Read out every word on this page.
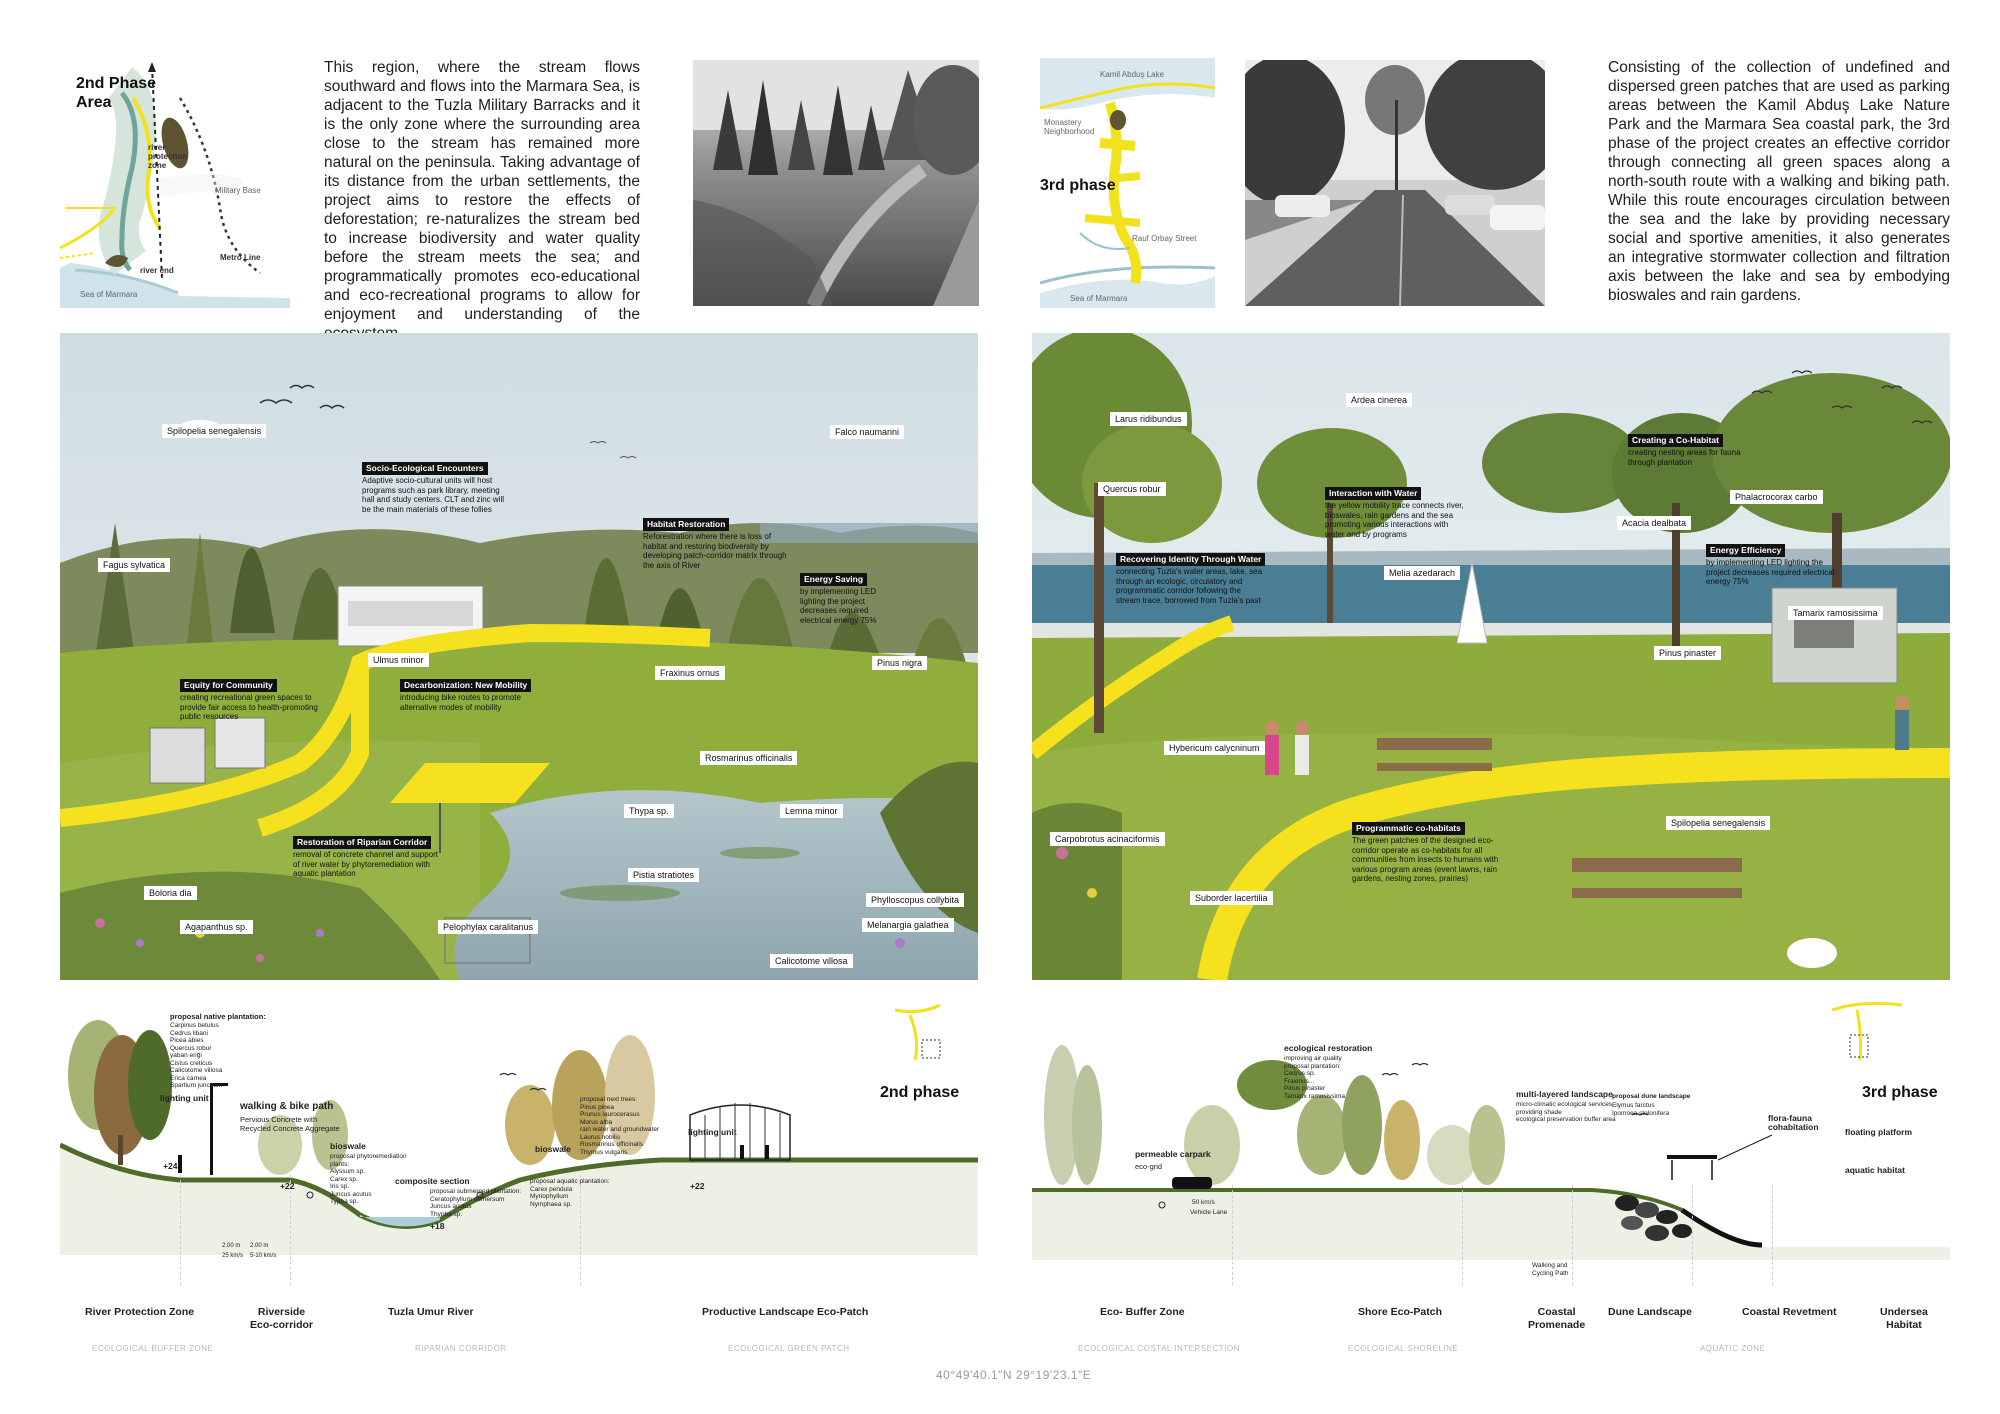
2nd Phase
Area
river
protection
zone
Military Base
Metro Line
river end
Sea of Marmara
This region, where the stream flows southward and flows into the Marmara Sea, is adjacent to the Tuzla Military Barracks and it is the only zone where the surrounding area close to the stream has remained more natural on the peninsula. Taking advantage of its distance from the urban settlements, the project aims to restore the effects of deforestation; re-naturalizes the stream bed to increase biodiversity and water quality before the stream meets the sea; and programmatically promotes eco-educational and eco-recreational programs to allow for enjoyment and understanding of the
Kamil Abduş Lake
Monastery
Neighborhood
3rd phase
Rauf Orbay Street
Sea of Marmara
Consisting of the collection of undefined and dispersed green patches that are used as parking areas between the Kamil Abduş Lake Nature Park and the Marmara Sea coastal park, the 3rd phase of the project creates an effective corridor through connecting all green spaces along a north-south route with a walking and biking path. While this route encourages circulation between the sea and the lake by providing necessary social and sportive amenities, it also generates an integrative stormwater collection and filtration axis between the lake and sea by embodying bioswales and rain gardens.
Spilopelia senegalensis	Falco naumanni
Fagus sylvatica
Ulmus minor	Pinus nigra
Fraxinus ornus
Rosmarinus officinalis
Thypa sp.	Lemna minor
Boloria dia
Agapanthus sp.
Pistia stratiotes
Phylloscopus collybita
Pelophylax caralitanus	Melanargia galathea
Calicotome villosa
Socio-Ecological Encounters
Adaptive socio-cultural units will host programs such as park library, meeting hall and study centers. CLT and zinc will be the main materials of these follies
Habitat Restoration
Reforestration where there is loss of habitat and restoring biodiversity by developing patch-corridor matrix through the axis of River
Energy Saving
by implementing LED lighting the project decreases required electrical energy 75%
Equity for Community
creating recreational green spaces to provide fair access to health-promoting public resources
Decarbonization: New Mobility
introducing bike routes to promote alternative modes of mobility
Restoration of Riparian Corridor
removal of concrete channel and support of river water by phytoremediation with aquatic plantation
Larus ridibundus
Ardea cinerea
Quercus robur
Melia azedarach
Phalacrocorax carbo
Acacia dealbata
Tamarix ramosissima
Pinus pinaster
Hybericum calycninum
Carpobrotus acinaciformis
Spilopelia senegalensis
Suborder lacertilia
Interaction with Water
the yellow mobility trace connects river, bioswales, rain gardens and the sea promoting various interactions with water and by programs
Recovering Identity Through Water
connecting Tuzla's water areas, lake, sea through an ecologic, circulatory and programmatic corridor following the stream trace, borrowed from Tuzla's past
Creating a Co-Habitat
creating nesting areas for fauna through plantation
Energy Efficiency
by implementing LED lighting the project decreases required electrical energy 75%
Programmatic co-habitats
The green patches of the designed eco-corridor operate as co-habitats for all communities from insects to humans with various program areas (event lawns, rain gardens, nesting zones, prairies)
proposal native plantation:
Carpinus betulus
Cedrus libani
Picea abies
Quercus robur
yaban eriği
Cistus creticus
Calicotome villosa
Erica carnea
Spartium junceum
lighting unit
walking & bike path
Pervious Concrete with
Recycled Concrete Aggregate
bioswale
proposal phytoremediation
plants:
Alyssum sp.
Carex sp.
Iris sp.
Juncus acutus
Typha sp.
composite section
proposal submerged plantation:
Ceratophyllum demersum
Juncus acutus
Thypha sp.
proposal aquatic plantation:
Carex pendula
Myriophyllum
Nymphaea sp.
bioswale
proposal next trees:
Pinus pinea
Prunus laurocerasus
Morus alba
rain water and groundwater
Laurus nobilis
Rosmarinus officinalis
Thymus vulgaris
lighting unit
+24
+22
+18
+22
2.00 m 2.00 m
25 km/s 5-10 km/s
2nd phase
River Protection Zone	Riverside
Eco-corridor
Tuzla Umur River	Productive Landscape Eco-Patch
ECOLOGICAL BUFFER ZONE	RIPARIAN CORRIDOR	ECOLOGICAL GREEN PATCH
ecological restoration
improving air quality
proposal plantation:
Cedrus sp.
Fraxinus...
Pinus pinaster
Tamarix ramosissima
permeable carpark
eco-grid
50 km/s
Vehicle Lane
multi-layered landscape
micro-climatic ecological services
providing shade
ecological preservation buffer area
proposal dune landscape
Elymus farctus
Ipomoea stolonifera
Walking and
Cycling Path
flora-fauna
cohabitation	floating platform
aquatic habitat
3rd phase
Eco- Buffer Zone	Shore Eco-Patch	Coastal
Promenade
Dune Landscape	Coastal Revetment	Undersea
Habitat
ECOLOGICAL COSTAL INTERSECTION	ECOLOGICAL SHORELINE	AQUATIC ZONE
40°49'40.1"N 29°19'23.1"E
